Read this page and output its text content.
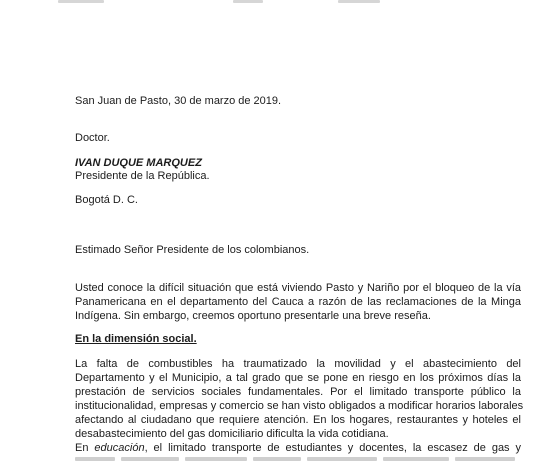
San Juan de Pasto, 30 de marzo de 2019.
Doctor.
IVAN DUQUE MARQUEZ
Presidente de la República.
Bogotá D. C.
Estimado Señor Presidente de los colombianos.
Usted conoce la difícil situación que está viviendo Pasto y Nariño por el bloqueo de la vía
Panamericana en el departamento del Cauca a razón de las reclamaciones de la Minga
Indígena. Sin embargo, creemos oportuno presentarle una breve reseña.
En la dimensión social.
La falta de combustibles ha traumatizado la movilidad y el abastecimiento del
Departamento y el Municipio, a tal grado que se pone en riesgo en los próximos días la
prestación de servicios sociales fundamentales. Por el limitado transporte público la
institucionalidad, empresas y comercio se han visto obligados a modificar horarios laborales
afectando al ciudadano que requiere atención. En los hogares, restaurantes y hoteles el
desabastecimiento del gas domiciliario dificulta la vida cotidiana.
En educación, el limitado transporte de estudiantes y docentes, la escasez de gas y
